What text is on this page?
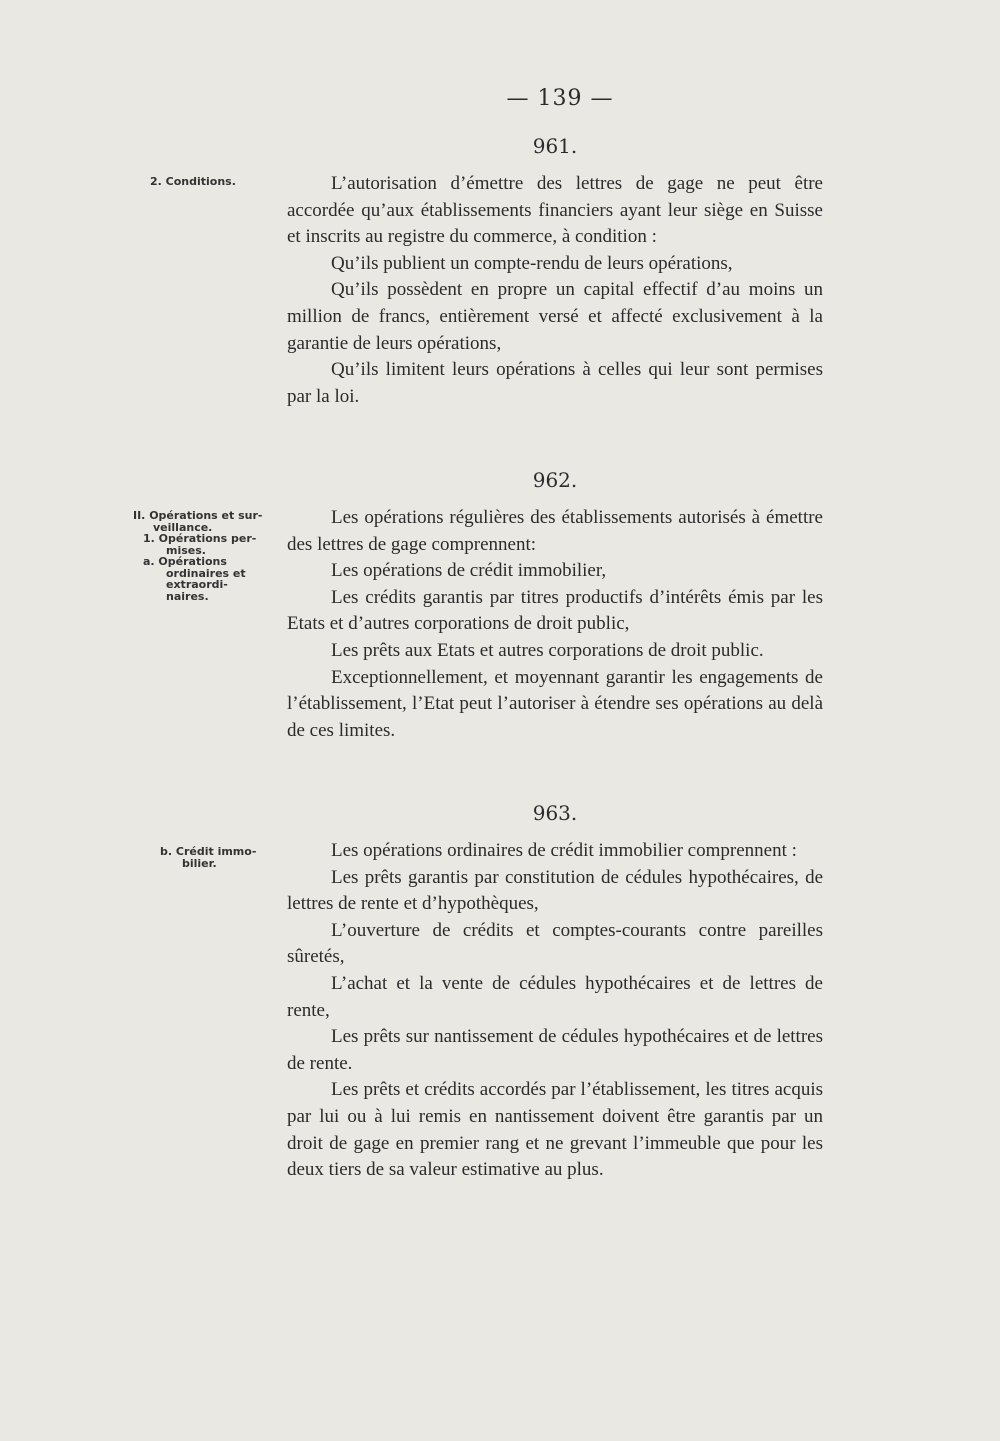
— 139 —
2. Conditions.
II. Opérations et sur-
veillance.
1. Opérations per-
mises.
a. Opérations
ordinaires et
extraordi-
naires.
b. Crédit immo-
bilier.
961.

L’autorisation d’émettre des lettres de gage ne peut être accordée qu’aux établissements financiers ayant leur siège en Suisse et inscrits au registre du commerce, à condition :

Qu’ils publient un compte-rendu de leurs opérations,

Qu’ils possèdent en propre un capital effectif d’au moins un million de francs, entièrement versé et affecté exclusivement à la garantie de leurs opérations,

Qu’ils limitent leurs opérations à celles qui leur sont permises par la loi.

962.

Les opérations régulières des établissements autorisés à émettre des lettres de gage comprennent:

Les opérations de crédit immobilier,

Les crédits garantis par titres productifs d’intérêts émis par les Etats et d’autres corporations de droit public,

Les prêts aux Etats et autres corporations de droit public.

Exceptionnellement, et moyennant garantir les engagements de l’établissement, l’Etat peut l’autoriser à étendre ses opérations au delà de ces limites.

963.

Les opérations ordinaires de crédit immobilier comprennent :

Les prêts garantis par constitution de cédules hypothécaires, de lettres de rente et d’hypothèques,

L’ouverture de crédits et comptes-courants contre pareilles sûretés,

L’achat et la vente de cédules hypothécaires et de lettres de rente,

Les prêts sur nantissement de cédules hypothécaires et de lettres de rente.

Les prêts et crédits accordés par l’établissement, les titres acquis par lui ou à lui remis en nantissement doivent être garantis par un droit de gage en premier rang et ne grevant l’immeuble que pour les deux tiers de sa valeur estimative au plus.
